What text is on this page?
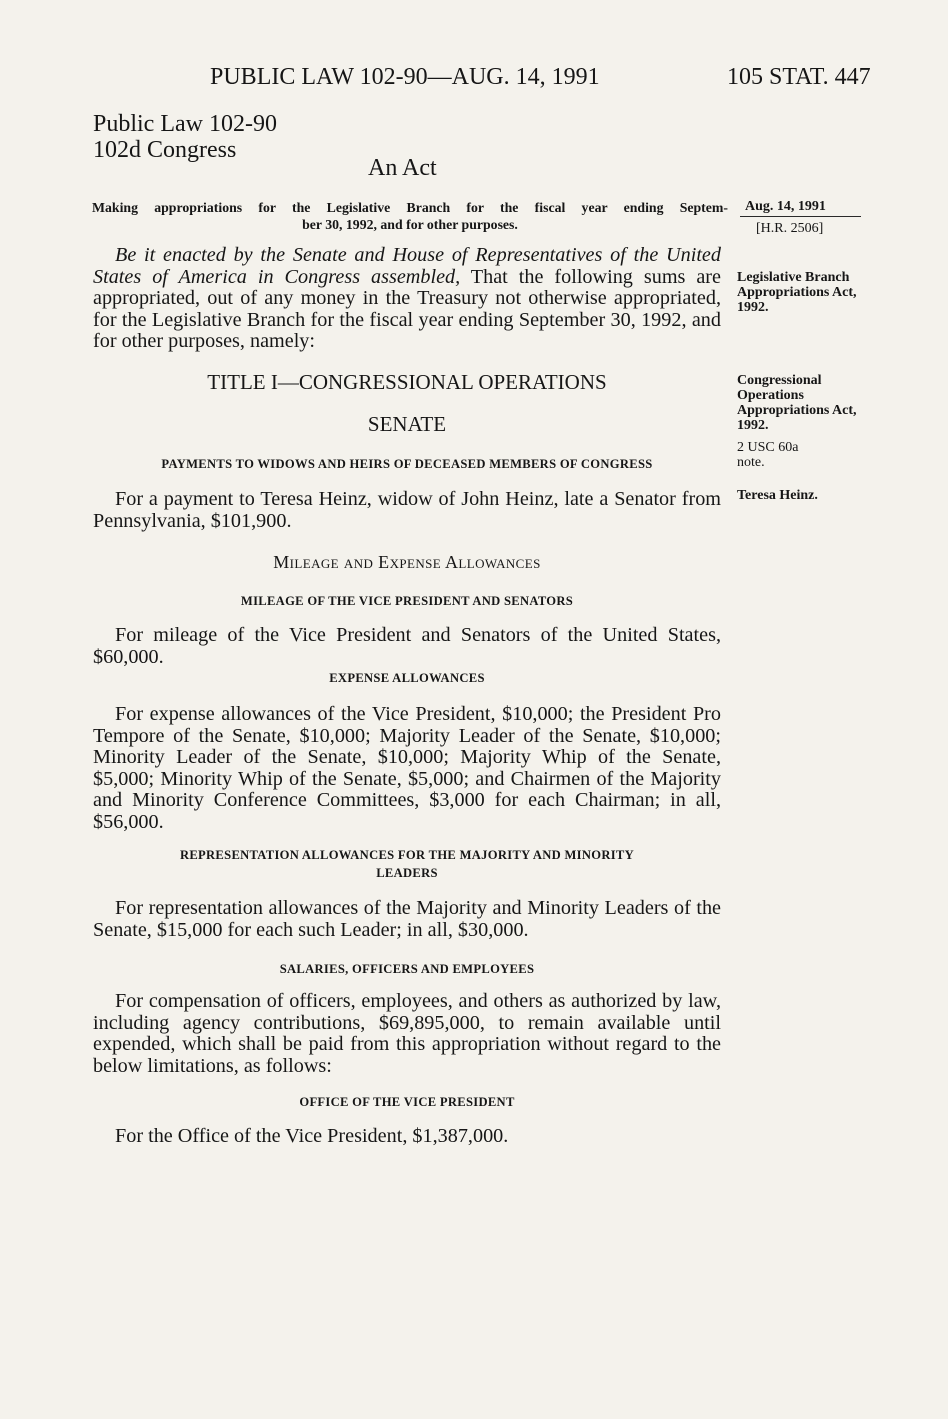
PUBLIC LAW 102-90—AUG. 14, 1991	105 STAT. 447
Public Law 102-90
102d Congress
An Act
Making appropriations for the Legislative Branch for the fiscal year ending Septem-
ber 30, 1992, and for other purposes.
Aug. 14, 1991
[H.R. 2506]

Be it enacted by the Senate and House of Representatives of the United States of America in Congress assembled, That the following sums are appropriated, out of any money in the Treasury not otherwise appropriated, for the Legislative Branch for the fiscal year ending September 30, 1992, and for other purposes, namely:

Legislative Branch Appropriations Act, 1992.
TITLE I—CONGRESSIONAL OPERATIONS	Congressional Operations Appropriations Act, 1992.
SENATE
2 USC 60a note.
PAYMENTS TO WIDOWS AND HEIRS OF DECEASED MEMBERS OF CONGRESS

For a payment to Teresa Heinz, widow of John Heinz, late a Senator from Pennsylvania, $101,900.

Teresa Heinz.
Mileage and Expense Allowances
MILEAGE OF THE VICE PRESIDENT AND SENATORS

For mileage of the Vice President and Senators of the United States, $60,000.

EXPENSE ALLOWANCES

For expense allowances of the Vice President, $10,000; the President Pro Tempore of the Senate, $10,000; Majority Leader of the Senate, $10,000; Minority Leader of the Senate, $10,000; Majority Whip of the Senate, $5,000; Minority Whip of the Senate, $5,000; and Chairmen of the Majority and Minority Conference Committees, $3,000 for each Chairman; in all, $56,000.

REPRESENTATION ALLOWANCES FOR THE MAJORITY AND MINORITY
LEADERS

For representation allowances of the Majority and Minority Leaders of the Senate, $15,000 for each such Leader; in all, $30,000.

SALARIES, OFFICERS AND EMPLOYEES

For compensation of officers, employees, and others as authorized by law, including agency contributions, $69,895,000, to remain available until expended, which shall be paid from this appropriation without regard to the below limitations, as follows:

OFFICE OF THE VICE PRESIDENT

For the Office of the Vice President, $1,387,000.
